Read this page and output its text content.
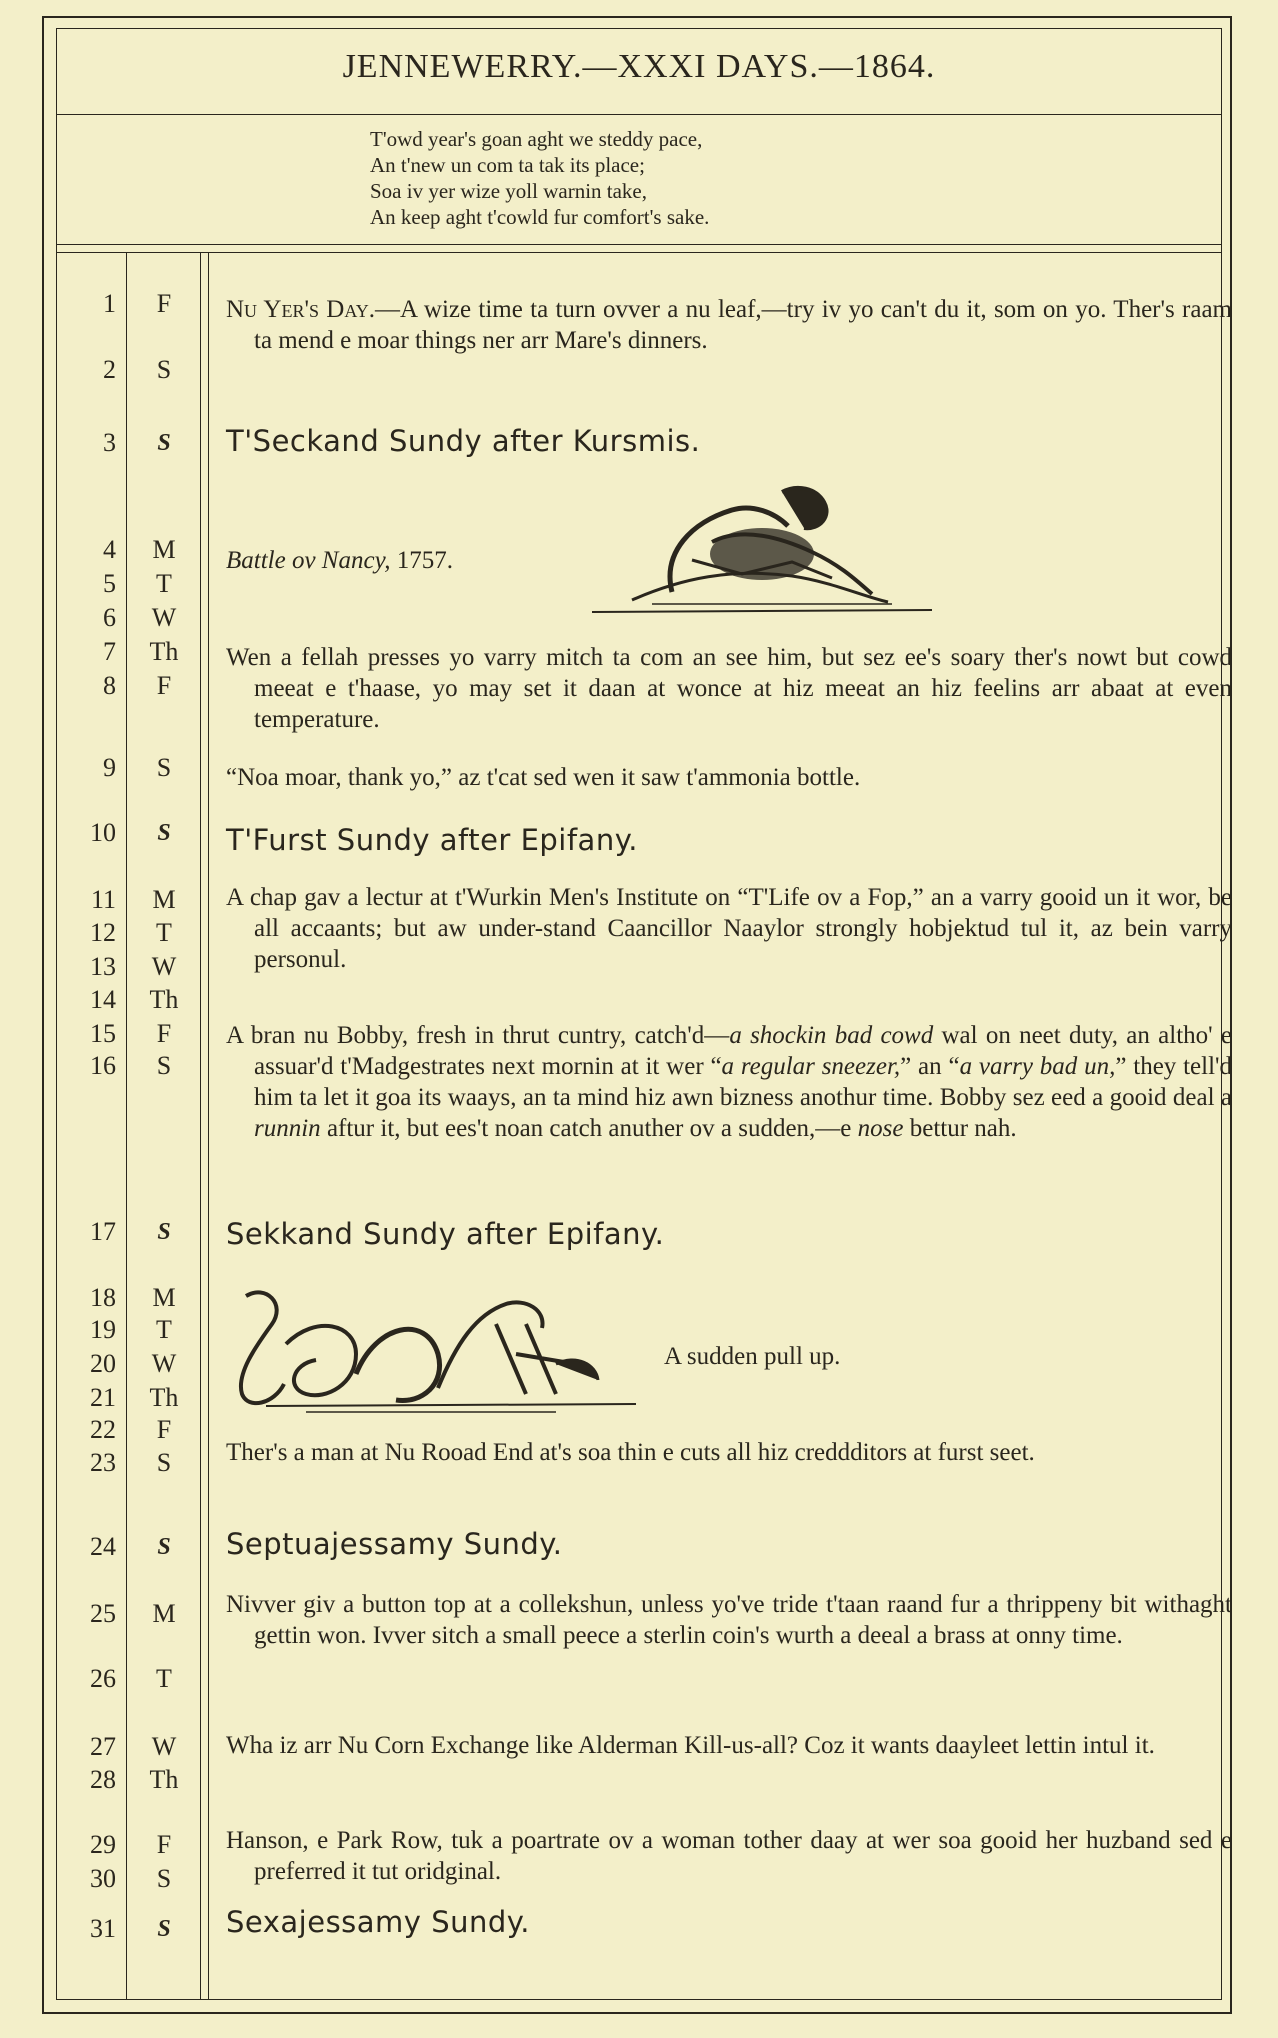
JENNEWERRY.—XXXI DAYS.—1864.
T'owd year's goan aght we steddy pace,
An t'new un com ta tak its place;
Soa iv yer wize yoll warnin take,
An keep aght t'cowld fur comfort's sake.
1	F
2	S
3	S
4	M
5	T
6	W
7 Th
8	F
9	S
10	S
11	M
12	T
13	W
14 Th
15	F
16	S
17	S
18	M
19	T
20	W
21 Th
22	F
23	S
24	S
25	M
26	T
27	W
28 Th
29	F
30	S
31	S
Nu Yer's Day.—A wize time ta turn ovver a nu leaf,—try iv yo can't du it, som on yo. Ther's raam ta mend e moar things ner arr Mare's dinners.
T'Seckand Sundy after Kursmis.
Battle ov Nancy, 1757.
Wen a fellah presses yo varry mitch ta com an see him, but sez ee's soary ther's nowt but cowd meeat e t'haase, yo may set it daan at wonce at hiz meeat an hiz feelins arr abaat at even temperature.
“Noa moar, thank yo,” az t'cat sed wen it saw t'ammonia bottle.
T'Furst Sundy after Epifany.
A chap gav a lectur at t'Wurkin Men's Institute on “T'Life ov a Fop,” an a varry gooid un it wor, be all accaants; but aw under-stand Caancillor Naaylor strongly hobjektud tul it, az bein varry personul.
A bran nu Bobby, fresh in thrut cuntry, catch'd—a shockin bad cowd wal on neet duty, an altho' e assuar'd t'Madgestrates next mornin at it wer “a regular sneezer,” an “a varry bad un,” they tell'd him ta let it goa its waays, an ta mind hiz awn bizness anothur time. Bobby sez eed a gooid deal a runnin aftur it, but ees't noan catch anuther ov a sudden,—e nose bettur nah.
Sekkand Sundy after Epifany.
A sudden pull up.
Ther's a man at Nu Rooad End at's soa thin e cuts all hiz creddditors at furst seet.
Septuajessamy Sundy.
Nivver giv a button top at a collekshun, unless yo've tride t'taan raand fur a thrippeny bit withaght gettin won. Ivver sitch a small peece a sterlin coin's wurth a deeal a brass at onny time.
Wha iz arr Nu Corn Exchange like Alderman Kill-us-all? Coz it wants daayleet lettin intul it.
Hanson, e Park Row, tuk a poartrate ov a woman tother daay at wer soa gooid her huzband sed e preferred it tut oridginal.
Sexajessamy Sundy.
